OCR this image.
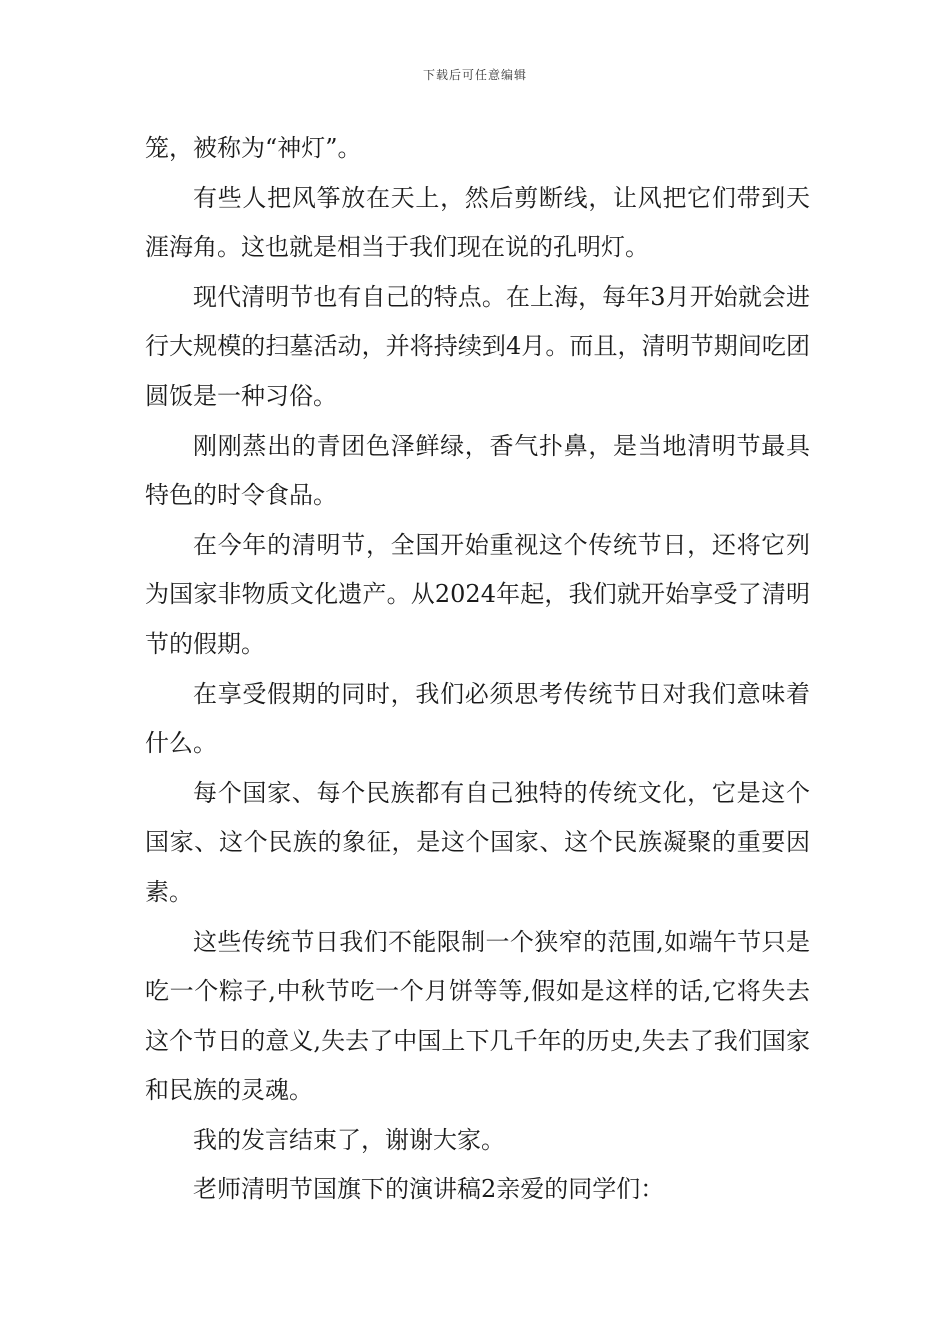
下载后可任意编辑

笼，被称为“神灯”。

有些人把风筝放在天上，然后剪断线，让风把它们带到天涯海角。这也就是相当于我们现在说的孔明灯。

现代清明节也有自己的特点。在上海，每年3月开始就会进行大规模的扫墓活动，并将持续到4月。而且，清明节期间吃团圆饭是一种习俗。

刚刚蒸出的青团色泽鲜绿，香气扑鼻，是当地清明节最具特色的时令食品。

在今年的清明节，全国开始重视这个传统节日，还将它列为国家非物质文化遗产。从2024年起，我们就开始享受了清明节的假期。

在享受假期的同时，我们必须思考传统节日对我们意味着什么。

每个国家、每个民族都有自己独特的传统文化，它是这个国家、这个民族的象征，是这个国家、这个民族凝聚的重要因素。

这些传统节日我们不能限制一个狭窄的范围,如端午节只是吃一个粽子,中秋节吃一个月饼等等,假如是这样的话,它将失去这个节日的意义,失去了中国上下几千年的历史,失去了我们国家和民族的灵魂。

我的发言结束了，谢谢大家。

老师清明节国旗下的演讲稿2亲爱的同学们：
